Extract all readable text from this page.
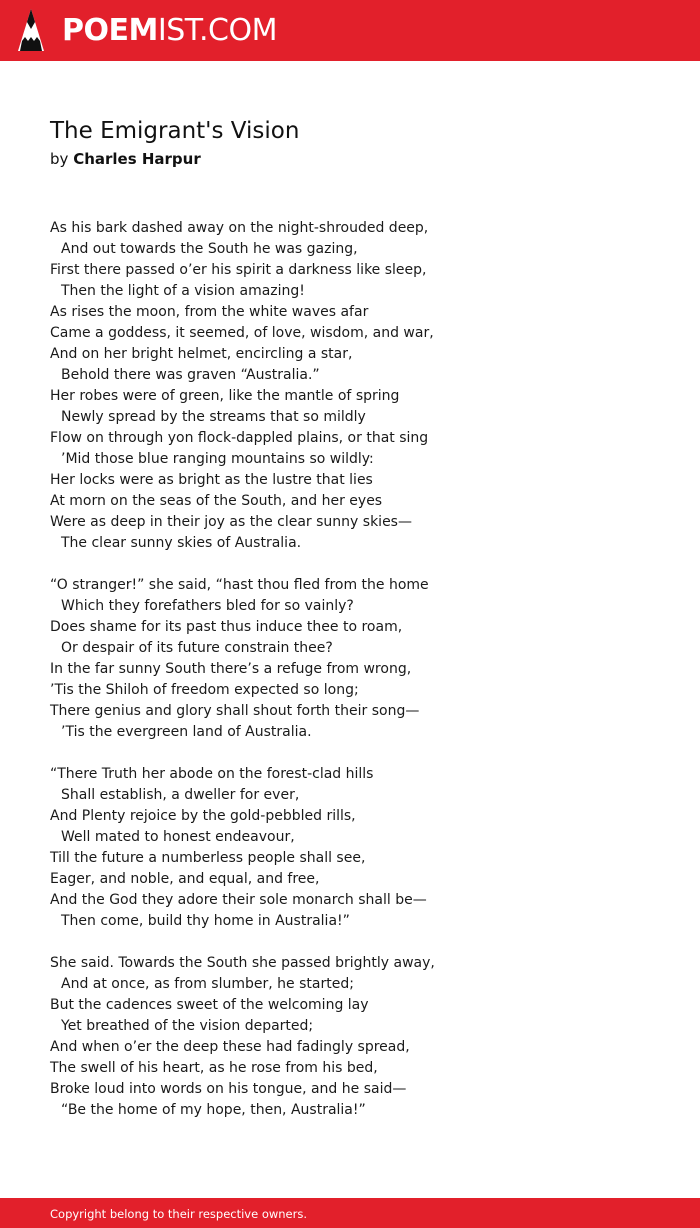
POEMIST.COM
The Emigrant's Vision
by Charles Harpur
As his bark dashed away on the night-shrouded deep,
And out towards the South he was gazing,
First there passed o’er his spirit a darkness like sleep,
Then the light of a vision amazing!
As rises the moon, from the white waves afar
Came a goddess, it seemed, of love, wisdom, and war,
And on her bright helmet, encircling a star,
Behold there was graven “Australia.”
Her robes were of green, like the mantle of spring
Newly spread by the streams that so mildly
Flow on through yon flock-dappled plains, or that sing
’Mid those blue ranging mountains so wildly:
Her locks were as bright as the lustre that lies
At morn on the seas of the South, and her eyes
Were as deep in their joy as the clear sunny skies—
The clear sunny skies of Australia.
“O stranger!” she said, “hast thou fled from the home
Which they forefathers bled for so vainly?
Does shame for its past thus induce thee to roam,
Or despair of its future constrain thee?
In the far sunny South there’s a refuge from wrong,
’Tis the Shiloh of freedom expected so long;
There genius and glory shall shout forth their song—
’Tis the evergreen land of Australia.
“There Truth her abode on the forest-clad hills
Shall establish, a dweller for ever,
And Plenty rejoice by the gold-pebbled rills,
Well mated to honest endeavour,
Till the future a numberless people shall see,
Eager, and noble, and equal, and free,
And the God they adore their sole monarch shall be—
Then come, build thy home in Australia!”
She said. Towards the South she passed brightly away,
And at once, as from slumber, he started;
But the cadences sweet of the welcoming lay
Yet breathed of the vision departed;
And when o’er the deep these had fadingly spread,
The swell of his heart, as he rose from his bed,
Broke loud into words on his tongue, and he said—
“Be the home of my hope, then, Australia!”
Copyright belong to their respective owners.
